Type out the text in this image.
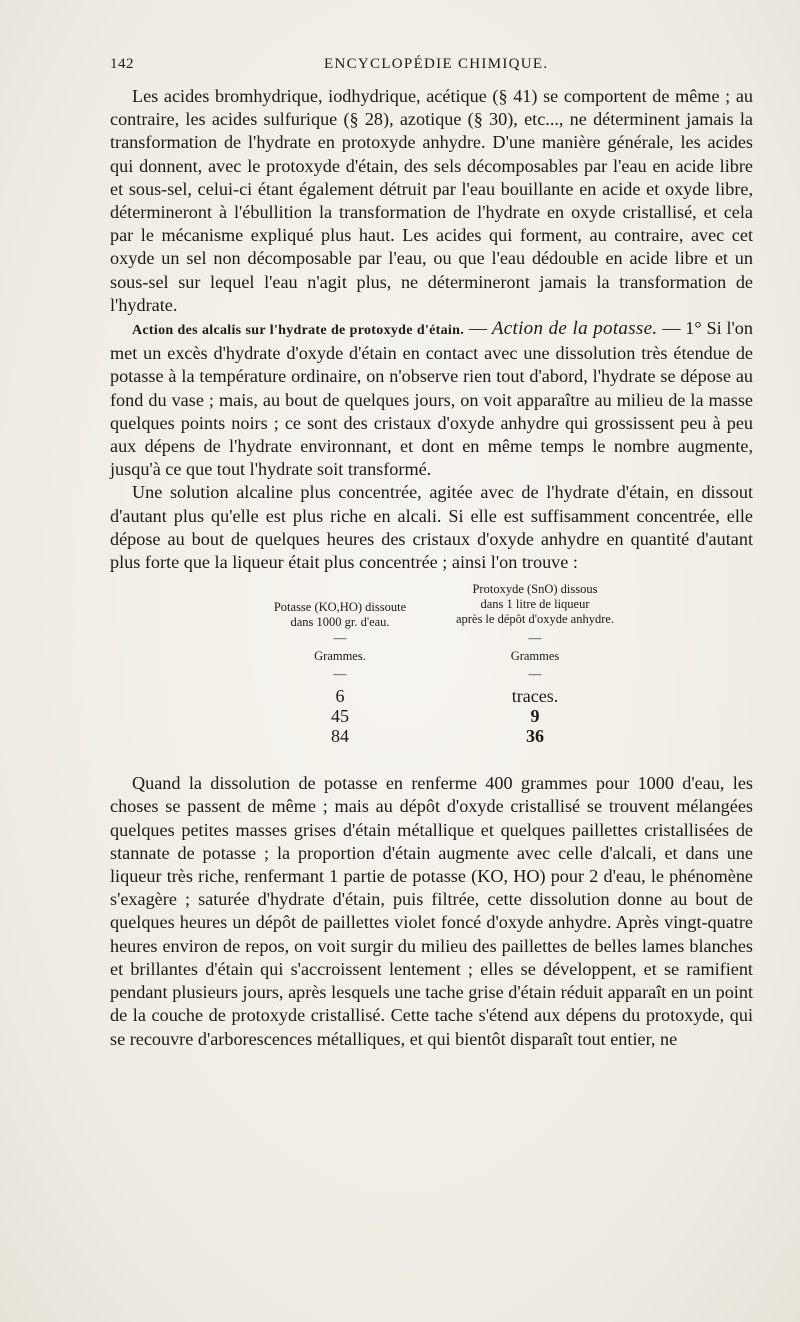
142	ENCYCLOPÉDIE CHIMIQUE.

Les acides bromhydrique, iodhydrique, acétique (§ 41) se comportent de même ; au contraire, les acides sulfurique (§ 28), azotique (§ 30), etc..., ne déterminent jamais la transformation de l'hydrate en protoxyde anhydre. D'une manière générale, les acides qui donnent, avec le protoxyde d'étain, des sels décomposables par l'eau en acide libre et sous-sel, celui-ci étant également détruit par l'eau bouillante en acide et oxyde libre, détermineront à l'ébullition la transformation de l'hydrate en oxyde cristallisé, et cela par le mécanisme expliqué plus haut. Les acides qui forment, au contraire, avec cet oxyde un sel non décomposable par l'eau, ou que l'eau dédouble en acide libre et un sous-sel sur lequel l'eau n'agit plus, ne détermineront jamais la transformation de l'hydrate.

Action des alcalis sur l'hydrate de protoxyde d'étain. — Action de la potasse. — 1° Si l'on met un excès d'hydrate d'oxyde d'étain en contact avec une dissolution très étendue de potasse à la température ordinaire, on n'observe rien tout d'abord, l'hydrate se dépose au fond du vase ; mais, au bout de quelques jours, on voit apparaître au milieu de la masse quelques points noirs ; ce sont des cristaux d'oxyde anhydre qui grossissent peu à peu aux dépens de l'hydrate environnant, et dont en même temps le nombre augmente, jusqu'à ce que tout l'hydrate soit transformé.

Une solution alcaline plus concentrée, agitée avec de l'hydrate d'étain, en dissout d'autant plus qu'elle est plus riche en alcali. Si elle est suffisamment concentrée, elle dépose au bout de quelques heures des cristaux d'oxyde anhydre en quantité d'autant plus forte que la liqueur était plus concentrée ; ainsi l'on trouve :

Potasse (KO,HO) dissoute
dans 1000 gr. d'eau.
—
Grammes.
—
6
45
84
Protoxyde (SnO) dissous
dans 1 litre de liqueur
après le dépôt d'oxyde anhydre.
—
Grammes
—
traces.
9
36

Quand la dissolution de potasse en renferme 400 grammes pour 1000 d'eau, les choses se passent de même ; mais au dépôt d'oxyde cristallisé se trouvent mélangées quelques petites masses grises d'étain métallique et quelques paillettes cristallisées de stannate de potasse ; la proportion d'étain augmente avec celle d'alcali, et dans une liqueur très riche, renfermant 1 partie de potasse (KO, HO) pour 2 d'eau, le phénomène s'exagère ; saturée d'hydrate d'étain, puis filtrée, cette dissolution donne au bout de quelques heures un dépôt de paillettes violet foncé d'oxyde anhydre. Après vingt-quatre heures environ de repos, on voit surgir du milieu des paillettes de belles lames blanches et brillantes d'étain qui s'accroissent lentement ; elles se développent, et se ramifient pendant plusieurs jours, après lesquels une tache grise d'étain réduit apparaît en un point de la couche de protoxyde cristallisé. Cette tache s'étend aux dépens du protoxyde, qui se recouvre d'arborescences métalliques, et qui bientôt disparaît tout entier, ne
